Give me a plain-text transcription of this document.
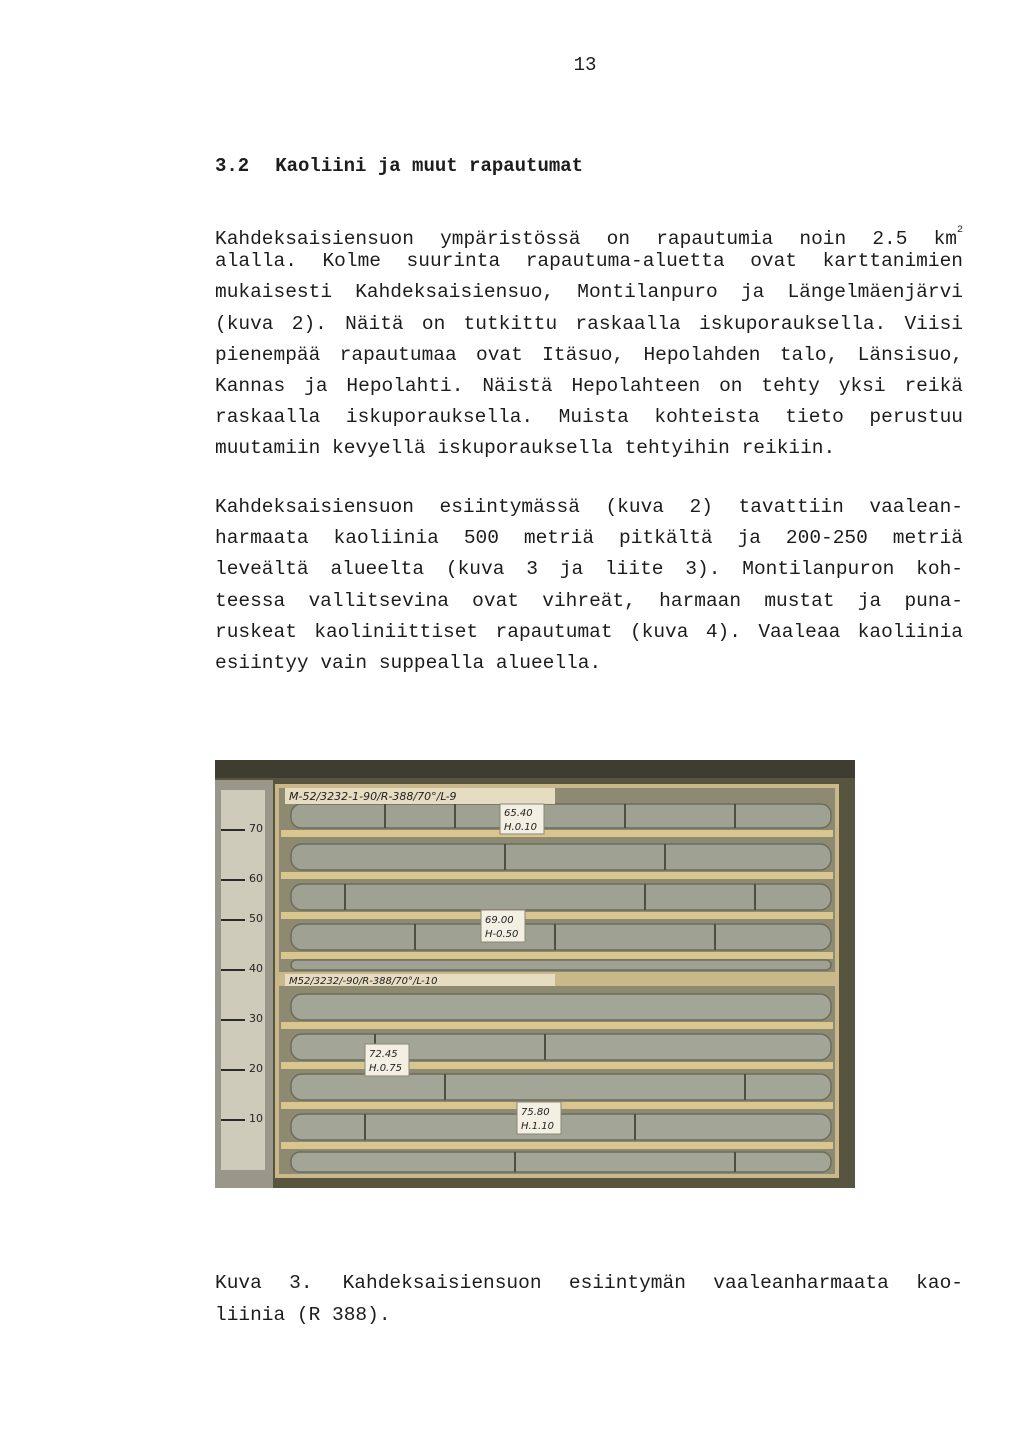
13
3.2 Kaoliini ja muut rapautumat
Kahdeksaisiensuon ympäristössä on rapautumia noin 2.5 $km^2$
alalla. Kolme suurinta rapautuma-aluetta ovat karttanimien
mukaisesti Kahdeksaisiensuo, Montilanpuro ja Längelmäenjärvi
(kuva 2). Näitä on tutkittu raskaalla iskuporauksella. Viisi
pienempää rapautumaa ovat Itäsuo, Hepolahden talo, Länsisuo,
Kannas ja Hepolahti. Näistä Hepolahteen on tehty yksi reikä
raskaalla iskuporauksella. Muista kohteista tieto perustuu
muutamiin kevyellä iskuporauksella tehtyihin reikiin.
Kahdeksaisiensuon esiintymässä (kuva 2) tavattiin vaalean-
harmaata kaoliinia 500 metriä pitkältä ja 200-250 metriä
leveältä alueelta (kuva 3 ja liite 3). Montilanpuron koh-
teessa vallitsevina ovat vihreät, harmaan mustat ja puna-
ruskeat kaoliniittiset rapautumat (kuva 4). Vaaleaa kaoliinia
esiintyy vain suppealla alueella.
70
60
50
40
30
20
10
M-52/3232-1-90/R-388/70°/L-9
M52/3232/-90/R-388/70°/L-10
65.40
H.0.10
69.00
H-0.50
72.45
H.0.75
75.80
H.1.10
Kuva 3. Kahdeksaisiensuon esiintymän vaaleanharmaata kao-
liinia (R 388).
